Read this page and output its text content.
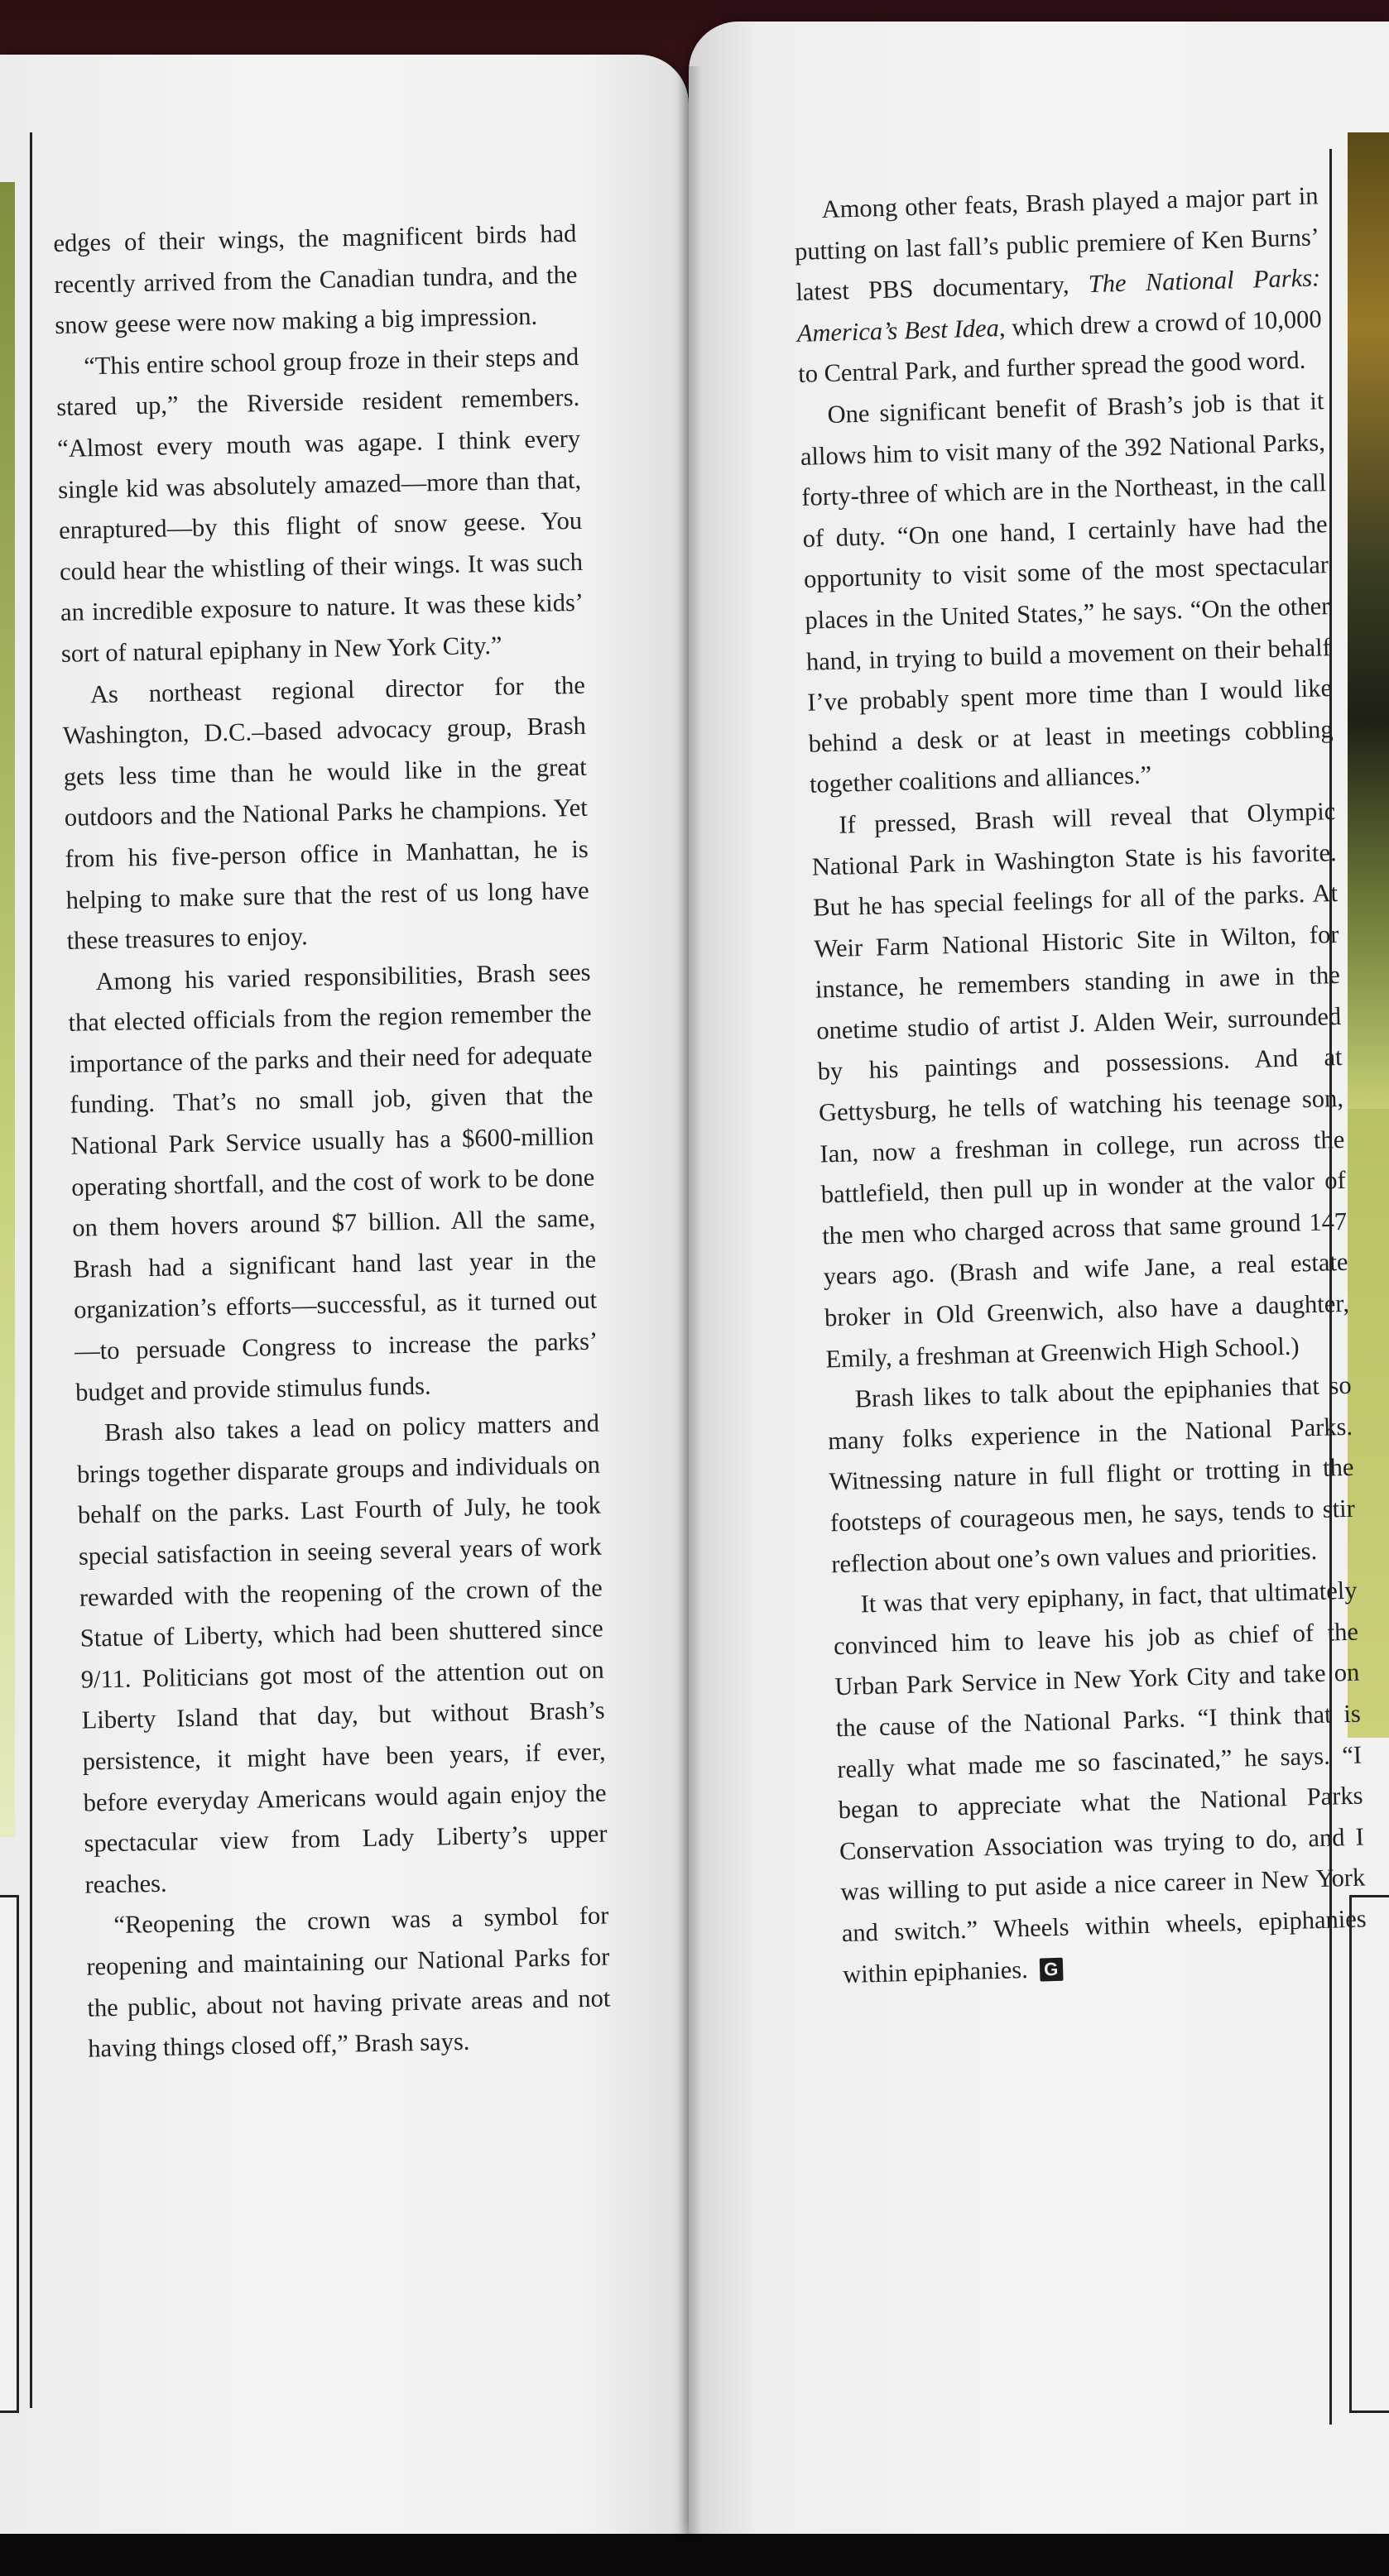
edges of their wings, the magnificent birds had recently arrived from the Canadian tundra, and the snow geese were now making a big impression.

“This entire school group froze in their steps and stared up,” the Riverside resident remembers. “Almost every mouth was agape. I think every single kid was absolutely amazed—more than that, enraptured—by this flight of snow geese. You could hear the whistling of their wings. It was such an incredible exposure to nature. It was these kids’ sort of natural epiphany in New York City.”

As northeast regional director for the Washington, D.C.–based advocacy group, Brash gets less time than he would like in the great outdoors and the National Parks he champions. Yet from his five-person office in Manhattan, he is helping to make sure that the rest of us long have these treasures to enjoy.

Among his varied responsibilities, Brash sees that elected officials from the region remember the importance of the parks and their need for adequate funding. That’s no small job, given that the National Park Service usually has a $600-million operating shortfall, and the cost of work to be done on them hovers around $7 billion. All the same, Brash had a significant hand last year in the organization’s efforts—successful, as it turned out—to persuade Congress to increase the parks’ budget and provide stimulus funds.

Brash also takes a lead on policy matters and brings together disparate groups and individuals on behalf on the parks. Last Fourth of July, he took special satisfaction in seeing several years of work rewarded with the reopening of the crown of the Statue of Liberty, which had been shuttered since 9/11. Politicians got most of the attention out on Liberty Island that day, but without Brash’s persistence, it might have been years, if ever, before everyday Americans would again enjoy the spectacular view from Lady Liberty’s upper reaches.

“Reopening the crown was a symbol for reopening and maintaining our National Parks for the public, about not having private areas and not having things closed off,” Brash says.

Among other feats, Brash played a major part in putting on last fall’s public premiere of Ken Burns’ latest PBS documentary, The National Parks: America’s Best Idea, which drew a crowd of 10,000 to Central Park, and further spread the good word.

One significant benefit of Brash’s job is that it allows him to visit many of the 392 National Parks, forty-three of which are in the Northeast, in the call of duty. “On one hand, I certainly have had the opportunity to visit some of the most spectacular places in the United States,” he says. “On the other hand, in trying to build a movement on their behalf I’ve probably spent more time than I would like behind a desk or at least in meetings cobbling together coalitions and alliances.”

If pressed, Brash will reveal that Olympic National Park in Washington State is his favorite. But he has special feelings for all of the parks. At Weir Farm National Historic Site in Wilton, for instance, he remembers standing in awe in the onetime studio of artist J. Alden Weir, surrounded by his paintings and possessions. And at Gettysburg, he tells of watching his teenage son, Ian, now a freshman in college, run across the battlefield, then pull up in wonder at the valor of the men who charged across that same ground 147 years ago. (Brash and wife Jane, a real estate broker in Old Greenwich, also have a daughter, Emily, a freshman at Greenwich High School.)

Brash likes to talk about the epiphanies that so many folks experience in the National Parks. Witnessing nature in full flight or trotting in the footsteps of courageous men, he says, tends to stir reflection about one’s own values and priorities.

It was that very epiphany, in fact, that ultimately convinced him to leave his job as chief of the Urban Park Service in New York City and take on the cause of the National Parks. “I think that is really what made me so fascinated,” he says. “I began to appreciate what the National Parks Conservation Association was trying to do, and I was willing to put aside a nice career in New York and switch.” Wheels within wheels, epiphanies within epiphanies. G
